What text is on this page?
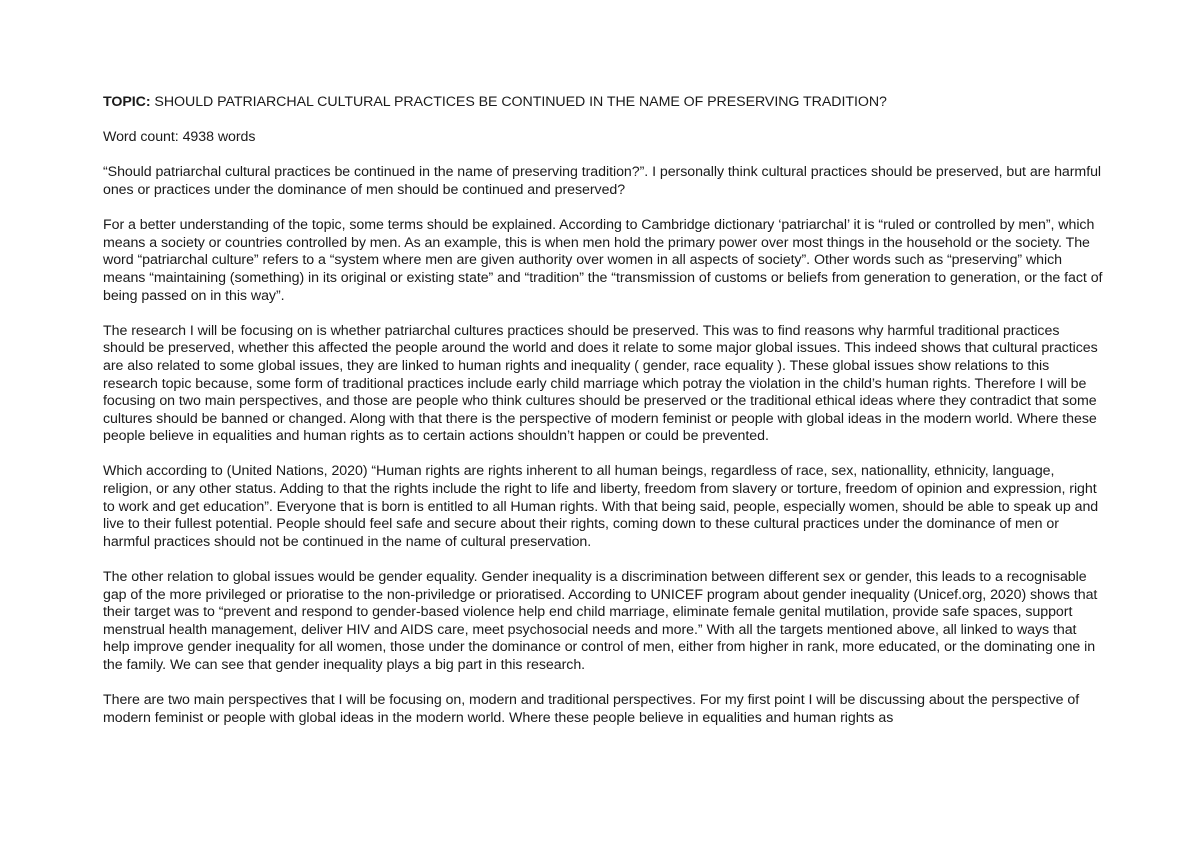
TOPIC: SHOULD PATRIARCHAL CULTURAL PRACTICES BE CONTINUED IN THE NAME OF PRESERVING TRADITION?

Word count: 4938 words

“Should patriarchal cultural practices be continued in the name of preserving tradition?”. I personally think cultural practices should be preserved, but are harmful ones or practices under the dominance of men should be continued and preserved?

For a better understanding of the topic, some terms should be explained. According to Cambridge dictionary ‘patriarchal’ it is “ruled or controlled by men”, which means a society or countries controlled by men. As an example, this is when men hold the primary power over most things in the household or the society. The word “patriarchal culture” refers to a “system where men are given authority over women in all aspects of society”. Other words such as “preserving” which means “maintaining (something) in its original or existing state” and “tradition” the “transmission of customs or beliefs from generation to generation, or the fact of being passed on in this way”.

The research I will be focusing on is whether patriarchal cultures practices should be preserved. This was to find reasons why harmful traditional practices should be preserved, whether this affected the people around the world and does it relate to some major global issues. This indeed shows that cultural practices are also related to some global issues, they are linked to human rights and inequality ( gender, race equality ). These global issues show relations to this research topic because, some form of traditional practices include early child marriage which potray the violation in the child’s human rights. Therefore I will be focusing on two main perspectives, and those are people who think cultures should be preserved or the traditional ethical ideas where they contradict that some cultures should be banned or changed. Along with that there is the perspective of modern feminist or people with global ideas in the modern world. Where these people believe in equalities and human rights as to certain actions shouldn’t happen or could be prevented.

Which according to (United Nations, 2020) “Human rights are rights inherent to all human beings, regardless of race, sex, nationallity, ethnicity, language, religion, or any other status. Adding to that the rights include the right to life and liberty, freedom from slavery or torture, freedom of opinion and expression, right to work and get education”. Everyone that is born is entitled to all Human rights. With that being said, people, especially women, should be able to speak up and live to their fullest potential. People should feel safe and secure about their rights, coming down to these cultural practices under the dominance of men or harmful practices should not be continued in the name of cultural preservation.

The other relation to global issues would be gender equality. Gender inequality is a discrimination between different sex or gender, this leads to a recognisable gap of the more privileged or prioratise to the non-priviledge or prioratised. According to UNICEF program about gender inequality (Unicef.org, 2020) shows that their target was to “prevent and respond to gender-based violence help end child marriage, eliminate female genital mutilation, provide safe spaces, support menstrual health management, deliver HIV and AIDS care, meet psychosocial needs and more.” With all the targets mentioned above, all linked to ways that help improve gender inequality for all women, those under the dominance or control of men, either from higher in rank, more educated, or the dominating one in the family. We can see that gender inequality plays a big part in this research.

There are two main perspectives that I will be focusing on, modern and traditional perspectives. For my first point I will be discussing about the perspective of modern feminist or people with global ideas in the modern world. Where these people believe in equalities and human rights as
